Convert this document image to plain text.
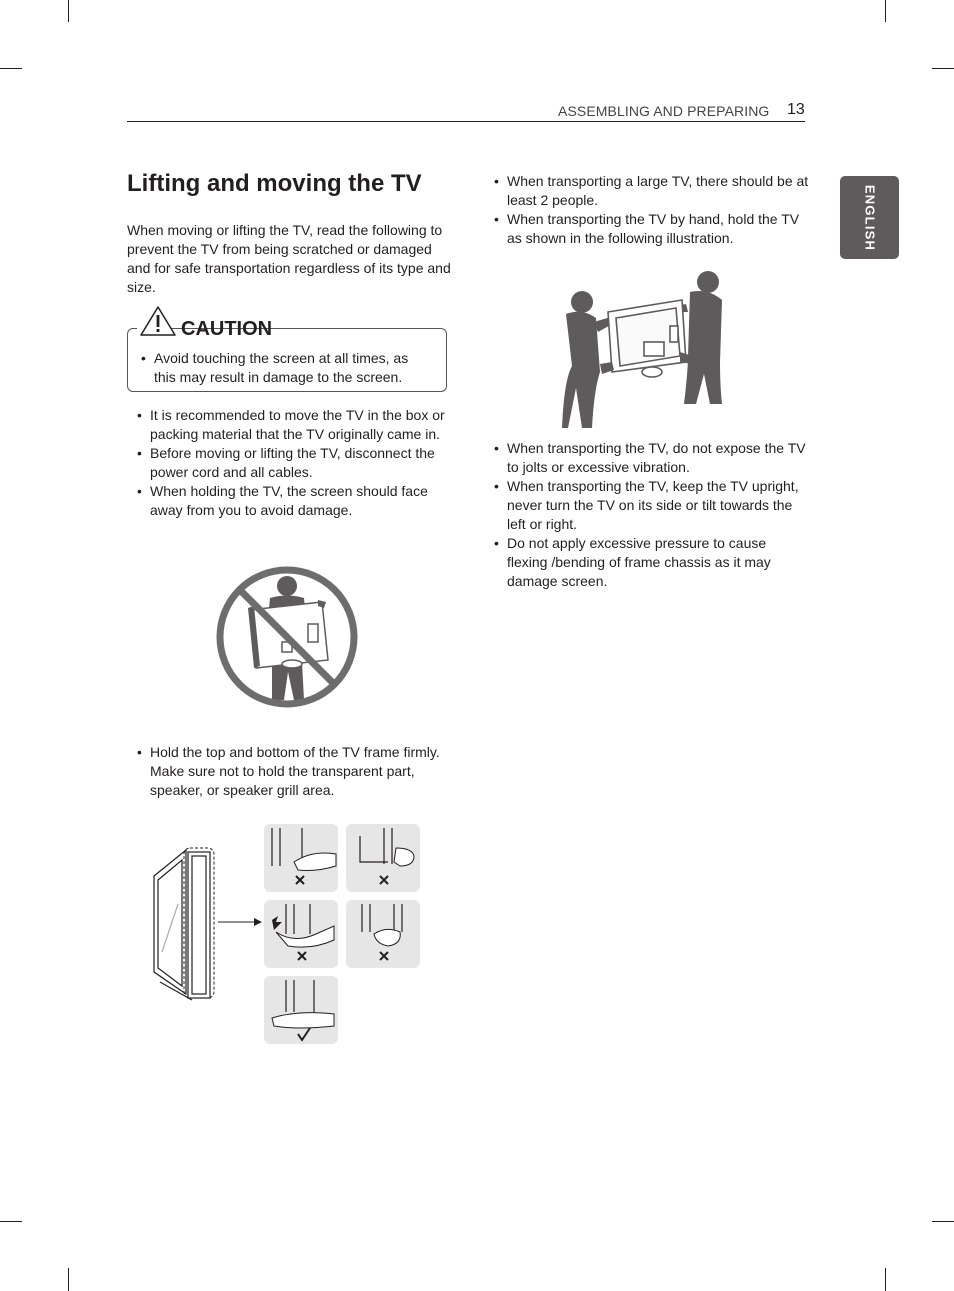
ASSEMBLING AND PREPARING 13
ENGLISH
Lifting and moving the TV

When moving or lifting the TV, read the following to prevent the TV from being scratched or damaged and for safe transportation regardless of its type and size.

• Avoid touching the screen at all times, as this may result in damage to the screen.
CAUTION
• It is recommended to move the TV in the box or packing material that the TV originally came in.
• Before moving or lifting the TV, disconnect the power cord and all cables.
• When holding the TV, the screen should face away from you to avoid damage.
• Hold the top and bottom of the TV frame firmly. Make sure not to hold the transparent part, speaker, or speaker grill area.
• When transporting a large TV, there should be at least 2 people.
• When transporting the TV by hand, hold the TV as shown in the following illustration.
• When transporting the TV, do not expose the TV to jolts or excessive vibration.
• When transporting the TV, keep the TV upright, never turn the TV on its side or tilt towards the left or right.
• Do not apply excessive pressure to cause flexing /bending of frame chassis as it may damage screen.
